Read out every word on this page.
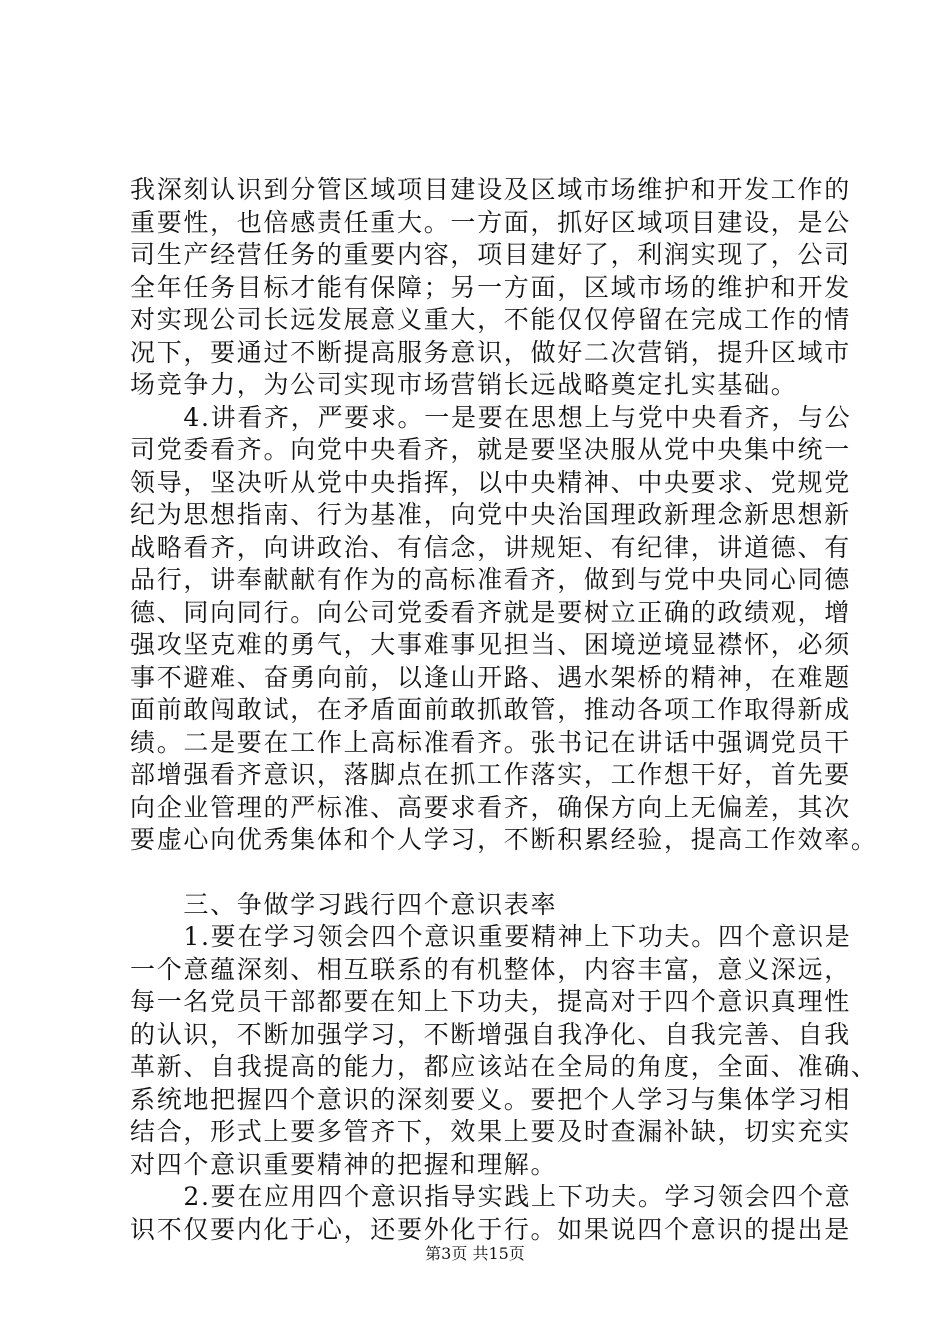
我深刻认识到分管区域项目建设及区域市场维护和开发工作的
重要性，也倍感责任重大。一方面，抓好区域项目建设，是公
司生产经营任务的重要内容，项目建好了，利润实现了，公司
全年任务目标才能有保障；另一方面，区域市场的维护和开发
对实现公司长远发展意义重大，不能仅仅停留在完成工作的情
况下，要通过不断提高服务意识，做好二次营销，提升区域市
场竞争力，为公司实现市场营销长远战略奠定扎实基础。
　　4.讲看齐，严要求。一是要在思想上与党中央看齐，与公
司党委看齐。向党中央看齐，就是要坚决服从党中央集中统一
领导，坚决听从党中央指挥，以中央精神、中央要求、党规党
纪为思想指南、行为基准，向党中央治国理政新理念新思想新
战略看齐，向讲政治、有信念，讲规矩、有纪律，讲道德、有
品行，讲奉献献有作为的高标准看齐，做到与党中央同心同德
德、同向同行。向公司党委看齐就是要树立正确的政绩观，增
强攻坚克难的勇气，大事难事见担当、困境逆境显襟怀，必须
事不避难、奋勇向前，以逢山开路、遇水架桥的精神，在难题
面前敢闯敢试，在矛盾面前敢抓敢管，推动各项工作取得新成
绩。二是要在工作上高标准看齐。张书记在讲话中强调党员干
部增强看齐意识，落脚点在抓工作落实，工作想干好，首先要
向企业管理的严标准、高要求看齐，确保方向上无偏差，其次
要虚心向优秀集体和个人学习，不断积累经验，提高工作效率。
　　三、争做学习践行四个意识表率
　　1.要在学习领会四个意识重要精神上下功夫。四个意识是
一个意蕴深刻、相互联系的有机整体，内容丰富，意义深远，
每一名党员干部都要在知上下功夫，提高对于四个意识真理性
的认识，不断加强学习，不断增强自我净化、自我完善、自我
革新、自我提高的能力，都应该站在全局的角度，全面、准确、
系统地把握四个意识的深刻要义。要把个人学习与集体学习相
结合，形式上要多管齐下，效果上要及时查漏补缺，切实充实
对四个意识重要精神的把握和理解。
　　2.要在应用四个意识指导实践上下功夫。学习领会四个意
识不仅要内化于心，还要外化于行。如果说四个意识的提出是
第3页 共15页
